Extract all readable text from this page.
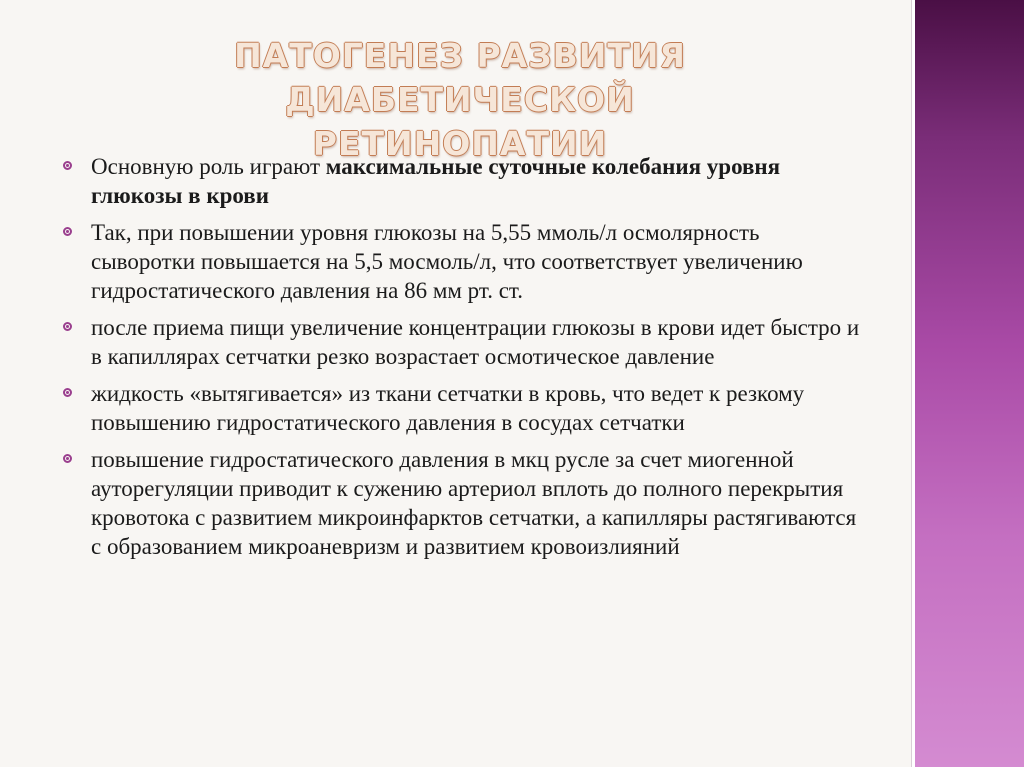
ПАТОГЕНЕЗ РАЗВИТИЯ ДИАБЕТИЧЕСКОЙ
РЕТИНОПАТИИ
Основную роль играют максимальные суточные колебания уровня глюкозы в крови
Так, при повышении уровня глюкозы на 5,55 ммоль/л осмолярность сыворотки повышается на 5,5 мосмоль/л, что соответствует увеличению гидростатического давления на 86 мм рт. ст.
после приема пищи увеличение концентрации глюкозы в крови идет быстро и в капиллярах сетчатки резко возрастает осмотическое давление
жидкость «вытягивается» из ткани сетчатки в кровь, что ведет к резкому повышению гидростатического давления в сосудах сетчатки
повышение гидростатического давления в мкц русле за счет миогенной ауторегуляции приводит к сужению артериол вплоть до полного перекрытия кровотока с развитием микроинфарктов сетчатки, а капилляры растягиваются с образованием микроаневризм и развитием кровоизлияний
